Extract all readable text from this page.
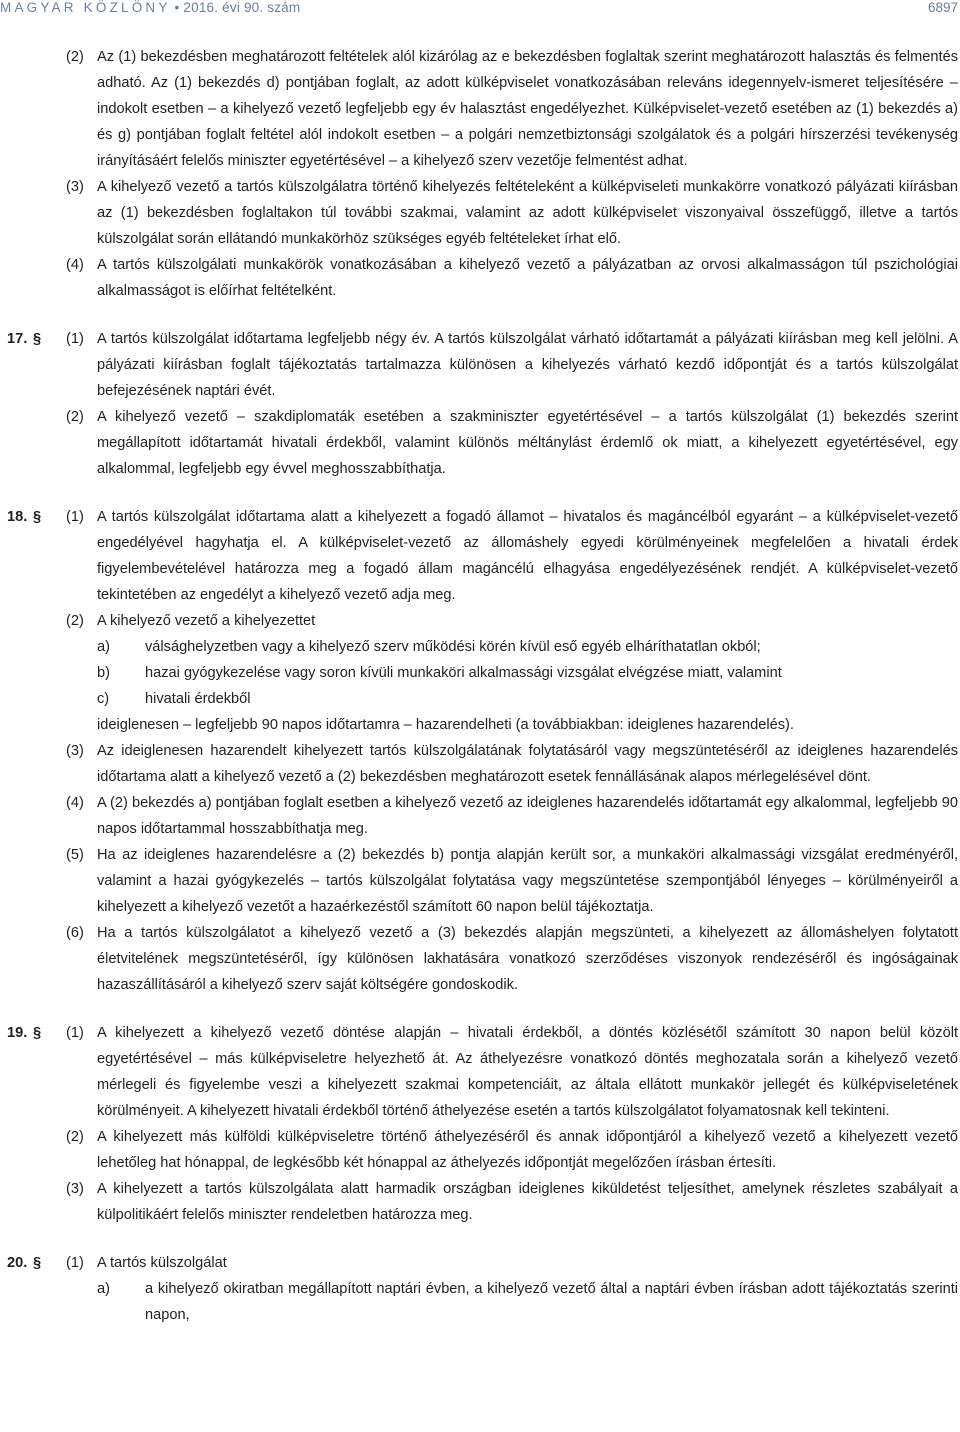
MAGYAR KÖZLÖNY • 2016. évi 90. szám	6897
(2) Az (1) bekezdésben meghatározott feltételek alól kizárólag az e bekezdésben foglaltak szerint meghatározott halasztás és felmentés adható. Az (1) bekezdés d) pontjában foglalt, az adott külképviselet vonatkozásában releváns idegennyelv-ismeret teljesítésére – indokolt esetben – a kihelyező vezető legfeljebb egy év halasztást engedélyezhet. Külképviselet-vezető esetében az (1) bekezdés a) és g) pontjában foglalt feltétel alól indokolt esetben – a polgári nemzetbiztonsági szolgálatok és a polgári hírszerzési tevékenység irányításáért felelős miniszter egyetértésével – a kihelyező szerv vezetője felmentést adhat.
(3) A kihelyező vezető a tartós külszolgálatra történő kihelyezés feltételeként a külképviseleti munkakörre vonatkozó pályázati kiírásban az (1) bekezdésben foglaltakon túl további szakmai, valamint az adott külképviselet viszonyaival összefüggő, illetve a tartós külszolgálat során ellátandó munkakörhöz szükséges egyéb feltételeket írhat elő.
(4) A tartós külszolgálati munkakörök vonatkozásában a kihelyező vezető a pályázatban az orvosi alkalmasságon túl pszichológiai alkalmasságot is előírhat feltételként.
17. § (1) A tartós külszolgálat időtartama legfeljebb négy év. A tartós külszolgálat várható időtartamát a pályázati kiírásban meg kell jelölni. A pályázati kiírásban foglalt tájékoztatás tartalmazza különösen a kihelyezés várható kezdő időpontját és a tartós külszolgálat befejezésének naptári évét.
(2) A kihelyező vezető – szakdiplomaták esetében a szakminiszter egyetértésével – a tartós külszolgálat (1) bekezdés szerint megállapított időtartamát hivatali érdekből, valamint különös méltánylást érdemlő ok miatt, a kihelyezett egyetértésével, egy alkalommal, legfeljebb egy évvel meghosszabbíthatja.
18. § (1) A tartós külszolgálat időtartama alatt a kihelyezett a fogadó államot – hivatalos és magáncélból egyaránt – a külképviselet-vezető engedélyével hagyhatja el. A külképviselet-vezető az állomáshely egyedi körülményeinek megfelelően a hivatali érdek figyelembevételével határozza meg a fogadó állam magáncélú elhagyása engedélyezésének rendjét. A külképviselet-vezető tekintetében az engedélyt a kihelyező vezető adja meg.
(2) A kihelyező vezető a kihelyezettet
a) válsághelyzetben vagy a kihelyező szerv működési körén kívül eső egyéb elháríthatatlan okból;
b) hazai gyógykezelése vagy soron kívüli munkaköri alkalmassági vizsgálat elvégzése miatt, valamint
c) hivatali érdekből
ideiglenesen – legfeljebb 90 napos időtartamra – hazarendelheti (a továbbiakban: ideiglenes hazarendelés).
(3) Az ideiglenesen hazarendelt kihelyezett tartós külszolgálatának folytatásáról vagy megszüntetéséről az ideiglenes hazarendelés időtartama alatt a kihelyező vezető a (2) bekezdésben meghatározott esetek fennállásának alapos mérlegelésével dönt.
(4) A (2) bekezdés a) pontjában foglalt esetben a kihelyező vezető az ideiglenes hazarendelés időtartamát egy alkalommal, legfeljebb 90 napos időtartammal hosszabbíthatja meg.
(5) Ha az ideiglenes hazarendelésre a (2) bekezdés b) pontja alapján került sor, a munkaköri alkalmassági vizsgálat eredményéről, valamint a hazai gyógykezelés – tartós külszolgálat folytatása vagy megszüntetése szempontjából lényeges – körülményeiről a kihelyezett a kihelyező vezetőt a hazaérkezéstől számított 60 napon belül tájékoztatja.
(6) Ha a tartós külszolgálatot a kihelyező vezető a (3) bekezdés alapján megszünteti, a kihelyezett az állomáshelyen folytatott életvitelének megszüntetéséről, így különösen lakhatására vonatkozó szerződéses viszonyok rendezéséről és ingóságainak hazaszállításáról a kihelyező szerv saját költségére gondoskodik.
19. § (1) A kihelyezett a kihelyező vezető döntése alapján – hivatali érdekből, a döntés közlésétől számított 30 napon belül közölt egyetértésével – más külképviseletre helyezhető át. Az áthelyezésre vonatkozó döntés meghozatala során a kihelyező vezető mérlegeli és figyelembe veszi a kihelyezett szakmai kompetenciáit, az általa ellátott munkakör jellegét és külképviseletének körülményeit. A kihelyezett hivatali érdekből történő áthelyezése esetén a tartós külszolgálatot folyamatosnak kell tekinteni.
(2) A kihelyezett más külföldi külképviseletre történő áthelyezéséről és annak időpontjáról a kihelyező vezető a kihelyezett vezető lehetőleg hat hónappal, de legkésőbb két hónappal az áthelyezés időpontját megelőzően írásban értesíti.
(3) A kihelyezett a tartós külszolgálata alatt harmadik országban ideiglenes kiküldetést teljesíthet, amelynek részletes szabályait a külpolitikáért felelős miniszter rendeletben határozza meg.
20. § (1) A tartós külszolgálat
a) a kihelyező okiratban megállapított naptári évben, a kihelyező vezető által a naptári évben írásban adott tájékoztatás szerinti napon,
